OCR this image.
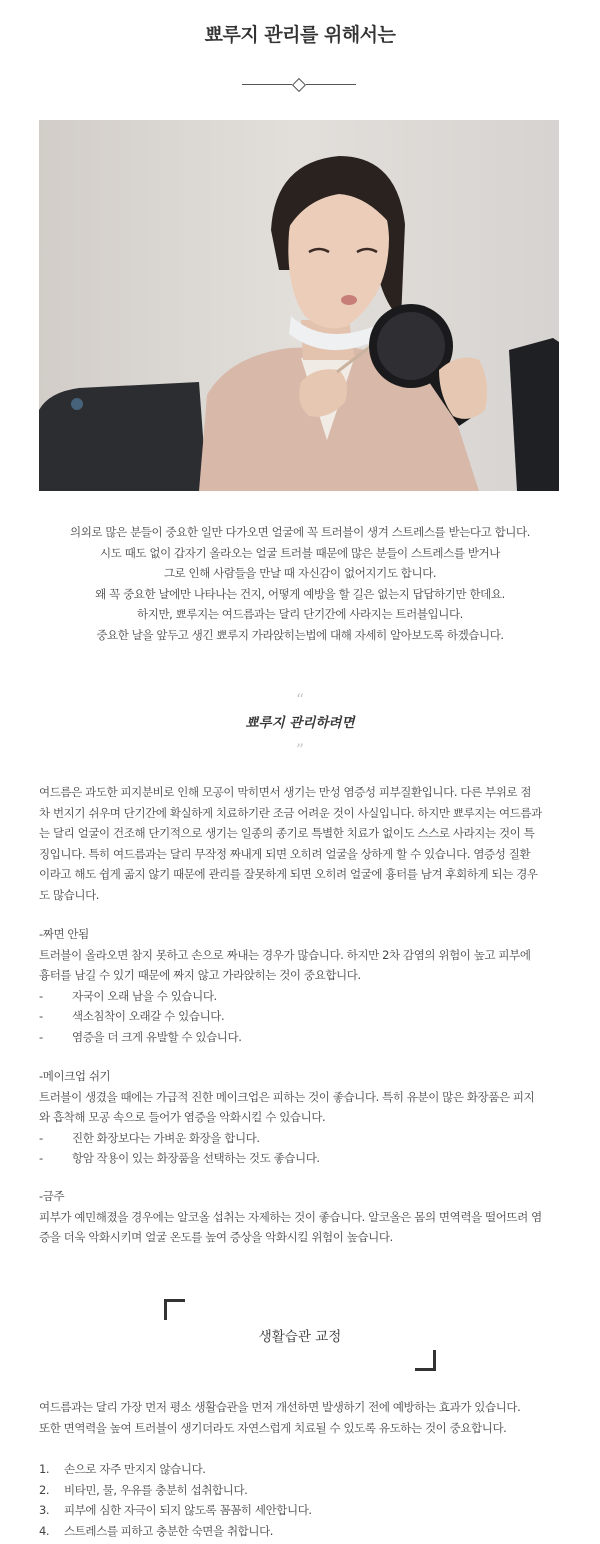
뾰루지 관리를 위해서는

의외로 많은 분들이 중요한 일만 다가오면 얼굴에 꼭 트러블이 생겨 스트레스를 받는다고 합니다.

시도 때도 없이 갑자기 올라오는 얼굴 트러블 때문에 많은 분들이 스트레스를 받거나

그로 인해 사람들을 만날 때 자신감이 없어지기도 합니다.

왜 꼭 중요한 날에만 나타나는 건지, 어떻게 예방을 할 길은 없는지 답답하기만 한데요.

하지만, 뾰루지는 여드름과는 달리 단기간에 사라지는 트러블입니다.

중요한 날을 앞두고 생긴 뾰루지 가라앉히는법에 대해 자세히 알아보도록 하겠습니다.

“
뾰루지 관리하려면
”
여드름은 과도한 피지분비로 인해 모공이 막히면서 생기는 만성 염증성 피부질환입니다. 다른 부위로 점
차 번지기 쉬우며 단기간에 확실하게 치료하기란 조금 어려운 것이 사실입니다. 하지만 뾰루지는 여드름과
는 달리 얼굴이 건조해 단기적으로 생기는 일종의 종기로 특별한 치료가 없이도 스스로 사라지는 것이 특
징입니다. 특히 여드름과는 달리 무작정 짜내게 되면 오히려 얼굴을 상하게 할 수 있습니다. 염증성 질환
이라고 해도 쉽게 곪지 않기 때문에 관리를 잘못하게 되면 오히려 얼굴에 흉터를 남겨 후회하게 되는 경우
도 많습니다.
-짜면 안됨
트러블이 올라오면 참지 못하고 손으로 짜내는 경우가 많습니다. 하지만 2차 감염의 위험이 높고 피부에
흉터를 남길 수 있기 때문에 짜지 않고 가라앉히는 것이 중요합니다.
-	자국이 오래 남을 수 있습니다.
-	색소침착이 오래갈 수 있습니다.
-	염증을 더 크게 유발할 수 있습니다.
-메이크업 쉬기
트러블이 생겼을 때에는 가급적 진한 메이크업은 피하는 것이 좋습니다. 특히 유분이 많은 화장품은 피지
와 흡착해 모공 속으로 들어가 염증을 악화시킬 수 있습니다.
-	진한 화장보다는 가벼운 화장을 합니다.
-	항암 작용이 있는 화장품을 선택하는 것도 좋습니다.
-금주
피부가 예민해졌을 경우에는 알코올 섭취는 자제하는 것이 좋습니다. 알코올은 몸의 면역력을 떨어뜨려 염
증을 더욱 악화시키며 얼굴 온도를 높여 증상을 악화시킬 위험이 높습니다.
생활습관 교정
여드름과는 달리 가장 먼저 평소 생활습관을 먼저 개선하면 발생하기 전에 예방하는 효과가 있습니다.
또한 면역력을 높여 트러블이 생기더라도 자연스럽게 치료될 수 있도록 유도하는 것이 중요합니다.
1.	손으로 자주 만지지 않습니다.
2.	비타민, 물, 우유를 충분히 섭취합니다.
3.	피부에 심한 자극이 되지 않도록 꼼꼼히 세안합니다.
4.	스트레스를 피하고 충분한 숙면을 취합니다.
